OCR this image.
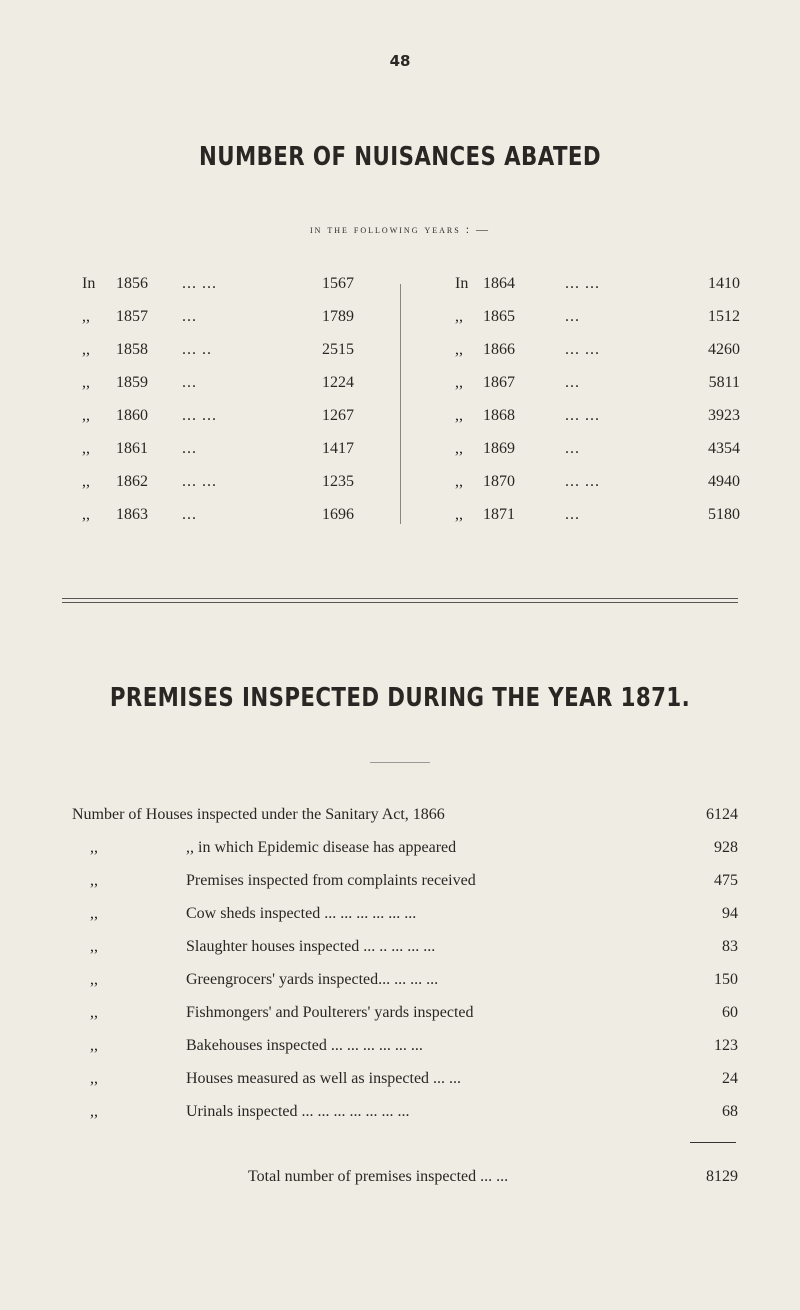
48
NUMBER OF NUISANCES ABATED
in the following years : —
In 1856 ... ...	1567
,, 1857 ...	1789
,, 1858 ... ..	2515
,, 1859 ...	1224
,, 1860 ... ...	1267
,, 1861 ...	1417
,, 1862 ... ...	1235
,, 1863 ...	1696
In 1864	... ...	1410
,, 1865	...	1512
,, 1866	... ...	4260
,, 1867	...	5811
,, 1868	... ...	3923
,, 1869	...	4354
,, 1870	... ...	4940
,, 1871	...	5180
PREMISES INSPECTED DURING THE YEAR 1871.
Number of Houses inspected under the Sanitary Act, 1866	6124
,,	,, in which Epidemic disease has appeared	928
,,	Premises inspected from complaints received	475
,,	Cow sheds inspected ... ... ... ... ... ...	94
,,	Slaughter houses inspected ... .. ... ... ...	83
,,	Greengrocers' yards inspected... ... ... ...	150
,,	Fishmongers' and Poulterers' yards inspected	60
,,	Bakehouses inspected ... ... ... ... ... ...	123
,,	Houses measured as well as inspected ... ...	24
,,	Urinals inspected ... ... ... ... ... ... ...	68
Total number of premises inspected ... ...	8129
